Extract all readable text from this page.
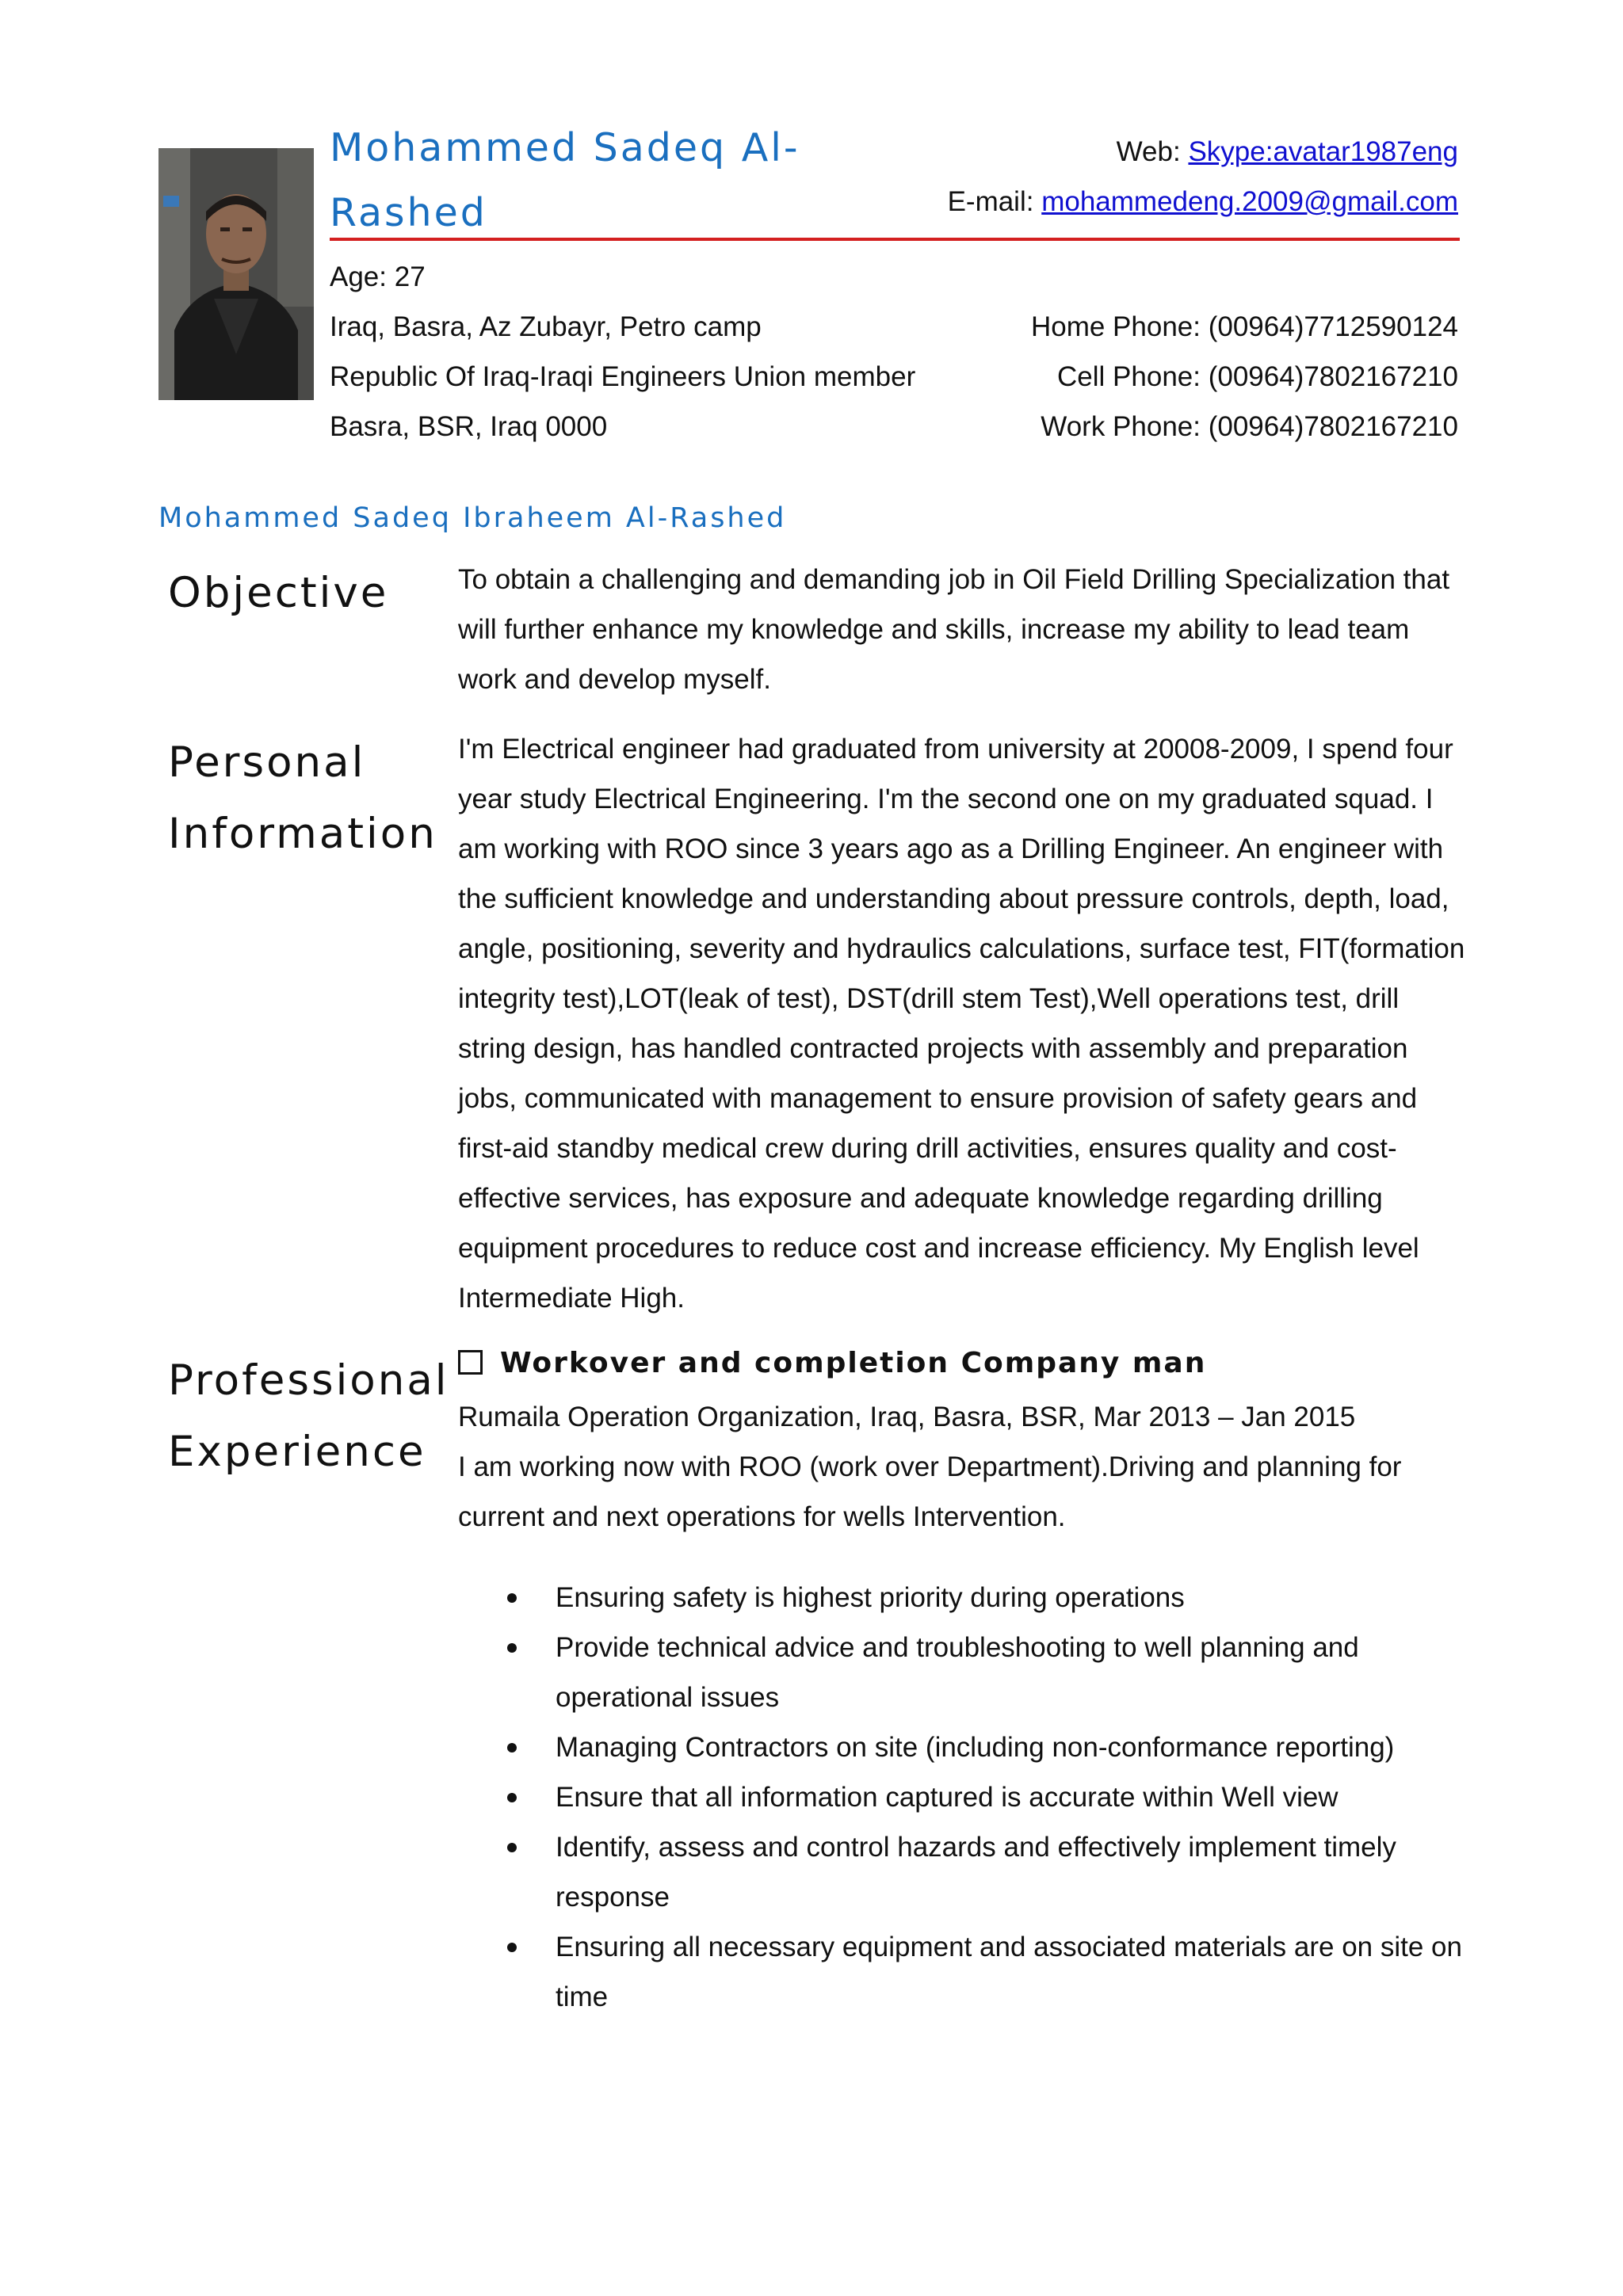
Mohammed Sadeq Al-
Rashed
Web: Skype:avatar1987eng
E-mail: mohammedeng.2009@gmail.com
Age: 27
Iraq, Basra, Az Zubayr, Petro camp
Republic Of Iraq-Iraqi Engineers Union member
Basra, BSR, Iraq 0000
Home Phone: (00964)7712590124
Cell Phone: (00964)7802167210
Work Phone: (00964)7802167210
Mohammed Sadeq Ibraheem Al-Rashed
Objective	To obtain a challenging and demanding job in Oil Field Drilling Specialization that will further enhance my knowledge and skills, increase my ability to lead team work and develop myself.
Personal
Information
I'm Electrical engineer had graduated from university at 20008-2009, I spend four year study Electrical Engineering. I'm the second one on my graduated squad. I am working with ROO since 3 years ago as a Drilling Engineer. An engineer with the sufficient knowledge and understanding about pressure controls, depth, load, angle, positioning, severity and hydraulics calculations, surface test, FIT(formation integrity test),LOT(leak of test), DST(drill stem Test),Well operations test, drill string design, has handled contracted projects with assembly and preparation jobs, communicated with management to ensure provision of safety gears and first-aid standby medical crew during drill activities, ensures quality and cost- effective services, has exposure and adequate knowledge regarding drilling equipment procedures to reduce cost and increase efficiency. My English level Intermediate High.
Professional
Experience
Workover and completion Company man
Rumaila Operation Organization, Iraq, Basra, BSR, Mar 2013 – Jan 2015
I am working now with ROO (work over Department).Driving and planning for current and next operations for wells Intervention.
Ensuring safety is highest priority during operations
Provide technical advice and troubleshooting to well planning and operational issues
Managing Contractors on site (including non-conformance reporting)
Ensure that all information captured is accurate within Well view
Identify, assess and control hazards and effectively implement timely response
Ensuring all necessary equipment and associated materials are on site on time
